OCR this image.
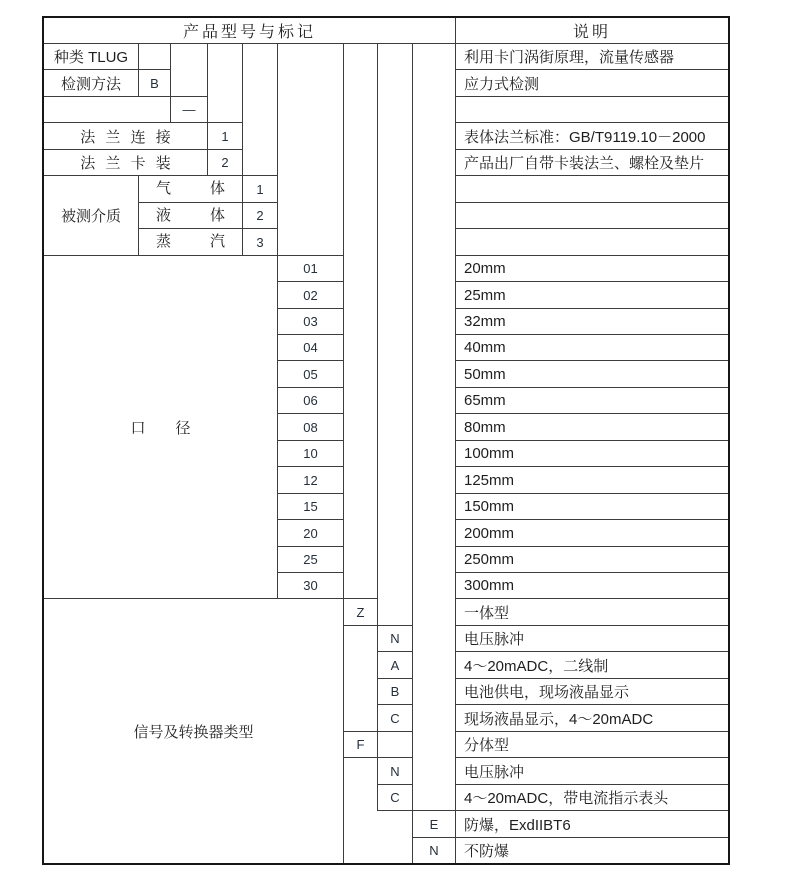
产品型号与标记	说明
种类 TLUG	利用卡门涡街原理，流量传感器
检测方法	B	应力式检测
—
法 兰 连 接	1	表体法兰标准：GB/T9119.10－2000
法 兰 卡 装	2	产品出厂自带卡装法兰、螺栓及垫片
被测介质
气 体	1
液 体	2
蒸 汽	3
口　　径
01	20mm
02	25mm
03	32mm
04	40mm
05	50mm
06	65mm
08	80mm
10	100mm
12	125mm
15	150mm
20	200mm
25	250mm
30	300mm
信号及转换器类型
Z	一体型
N	电压脉冲
A	4～20mADC，二线制
B	电池供电，现场液晶显示
C	现场液晶显示，4～20mADC
F	分体型
N	电压脉冲
C	4～20mADC，带电流指示表头
E	防爆，ExdIIBT6
N	不防爆
